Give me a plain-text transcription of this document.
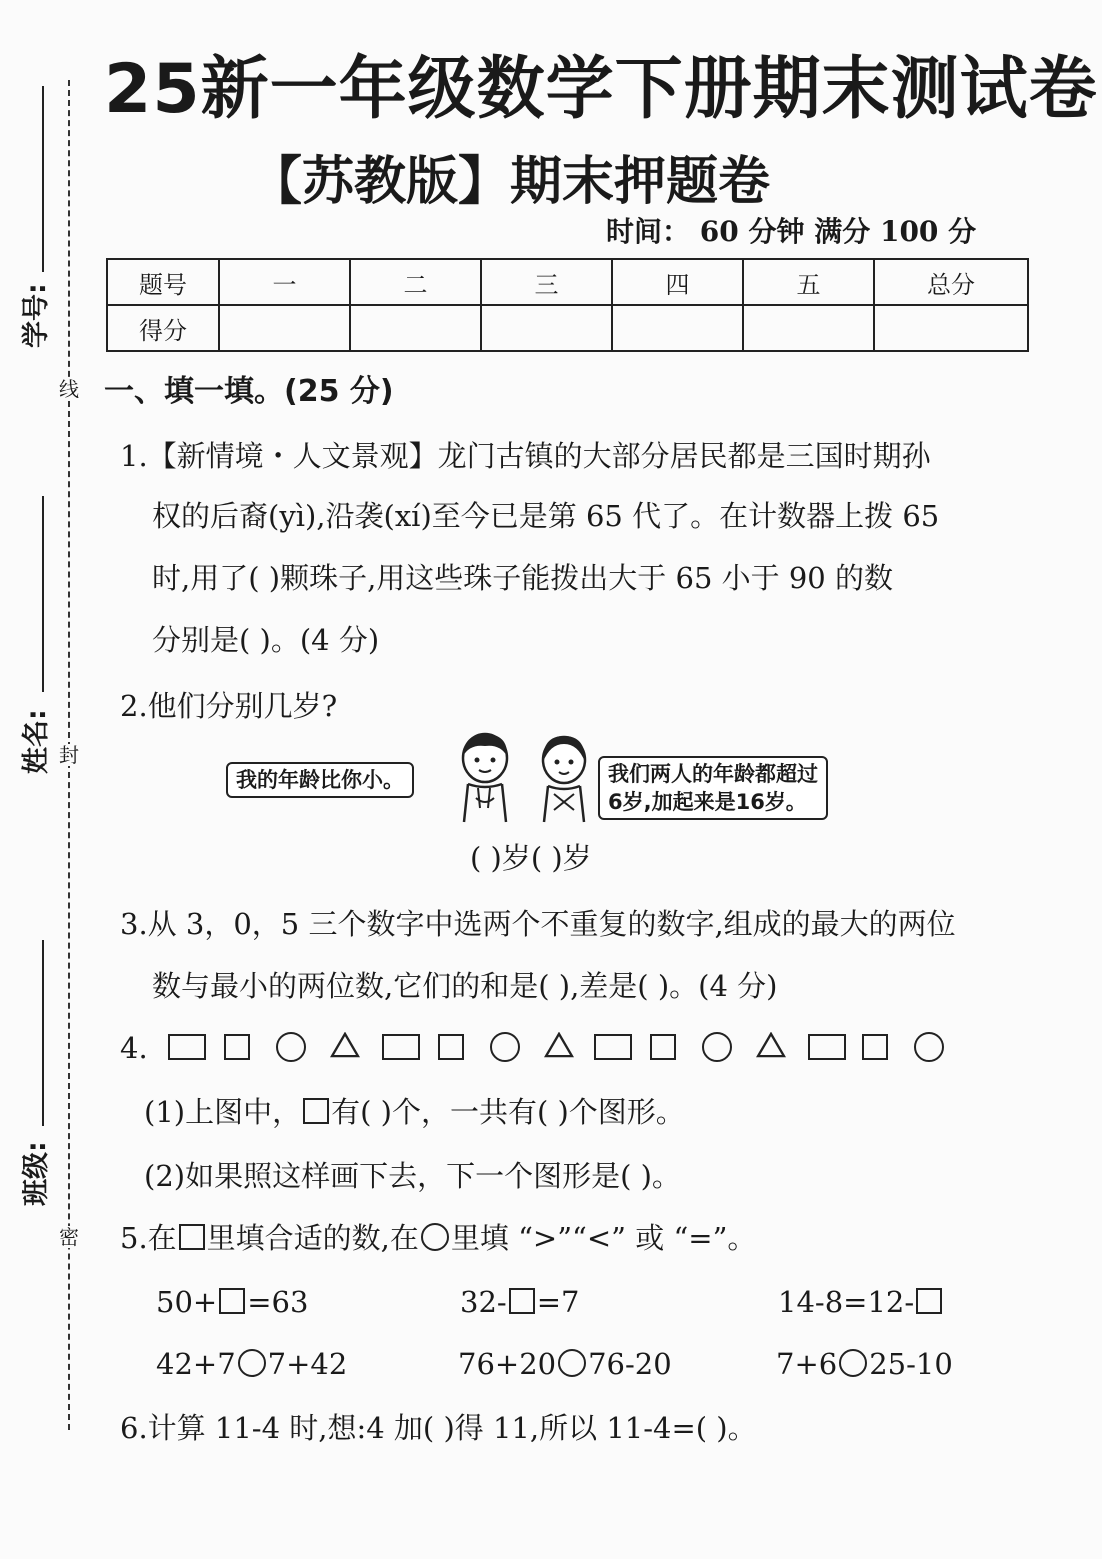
线
封
密
学号:
姓名:
班级:
25新一年级数学下册期末测试卷
【苏教版】期末押题卷
时间： 60 分钟 满分 100 分
题号	一	二	三	四	五	总分
得分						
一、填一填。(25 分)
1.【新情境・人文景观】龙门古镇的大部分居民都是三国时期孙
权的后裔(yì),沿袭(xí)至今已是第 65 代了。在计数器上拨 65
时,用了( )颗珠子,用这些珠子能拨出大于 65 小于 90 的数
分别是( )。(4 分)
2.他们分别几岁?
我的年龄比你小。	我们两人的年龄都超过
6岁,加起来是16岁。
( )岁( )岁
3.从 3，0，5 三个数字中选两个不重复的数字,组成的最大的两位
数与最小的两位数,它们的和是( ),差是( )。(4 分)
4.
(1)上图中， 有( )个，一共有( )个图形。
(2)如果照这样画下去，下一个图形是( )。
5.在 里填合适的数,在 里填 “>”“<” 或 “=”。
50+ =63	32- =7	14-8=12-
42+7 7+42	76+20 76-20	7+6 25-10
6.计算 11-4 时,想:4 加( )得 11,所以 11-4=( )。
